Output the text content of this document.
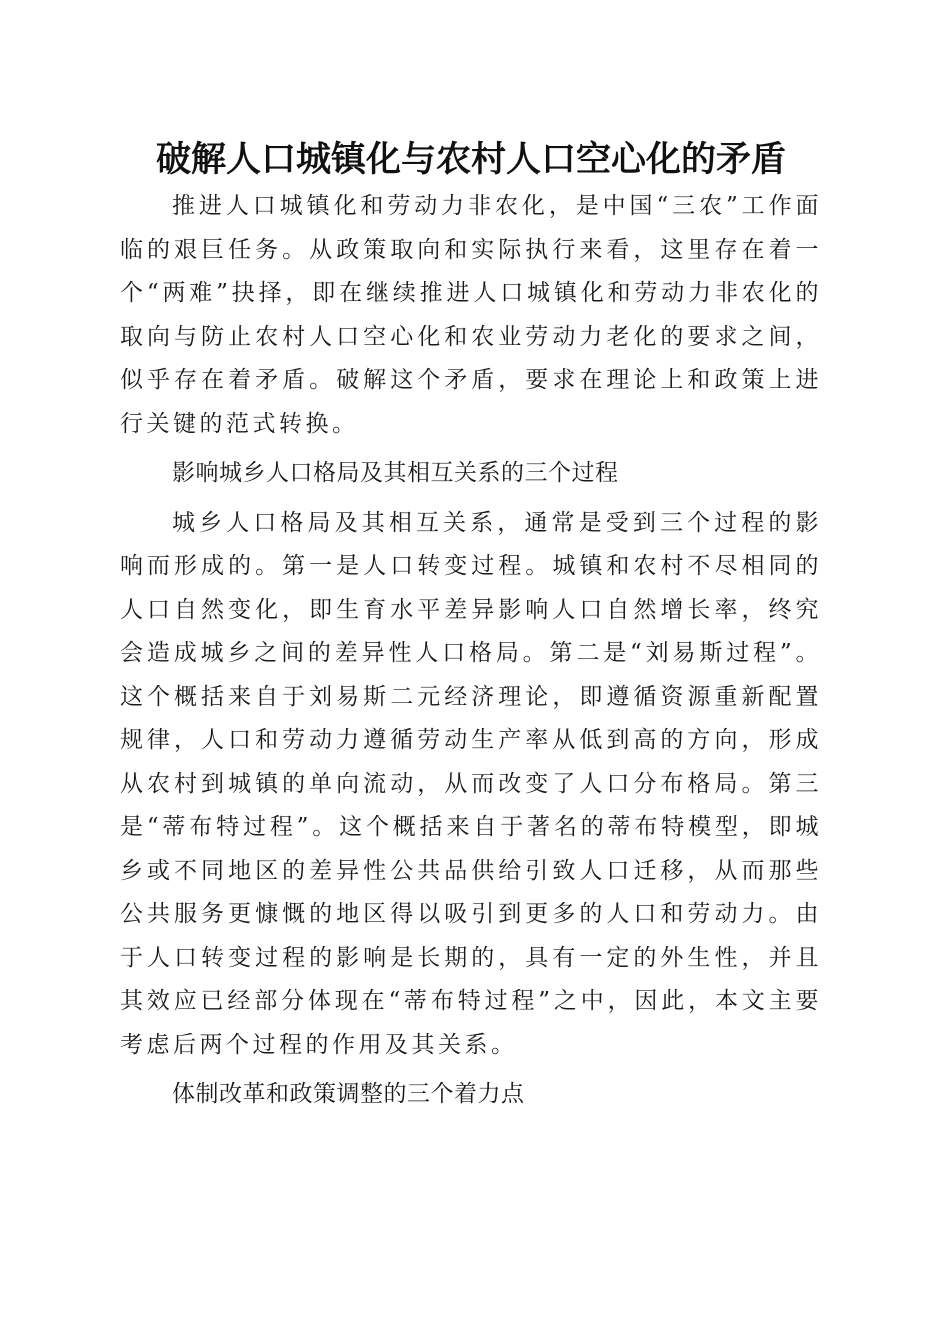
破解人口城镇化与农村人口空心化的矛盾

推进人口城镇化和劳动力非农化，是中国“三农”工作面临的艰巨任务。从政策取向和实际执行来看，这里存在着一个“两难”抉择，即在继续推进人口城镇化和劳动力非农化的取向与防止农村人口空心化和农业劳动力老化的要求之间，似乎存在着矛盾。破解这个矛盾，要求在理论上和政策上进行关键的范式转换。

影响城乡人口格局及其相互关系的三个过程

城乡人口格局及其相互关系，通常是受到三个过程的影响而形成的。第一是人口转变过程。城镇和农村不尽相同的人口自然变化，即生育水平差异影响人口自然增长率，终究会造成城乡之间的差异性人口格局。第二是“刘易斯过程”。这个概括来自于刘易斯二元经济理论，即遵循资源重新配置规律，人口和劳动力遵循劳动生产率从低到高的方向，形成从农村到城镇的单向流动，从而改变了人口分布格局。第三是“蒂布特过程”。这个概括来自于著名的蒂布特模型，即城乡或不同地区的差异性公共品供给引致人口迁移，从而那些公共服务更慷慨的地区得以吸引到更多的人口和劳动力。由于人口转变过程的影响是长期的，具有一定的外生性，并且其效应已经部分体现在“蒂布特过程”之中，因此，本文主要考虑后两个过程的作用及其关系。

体制改革和政策调整的三个着力点
